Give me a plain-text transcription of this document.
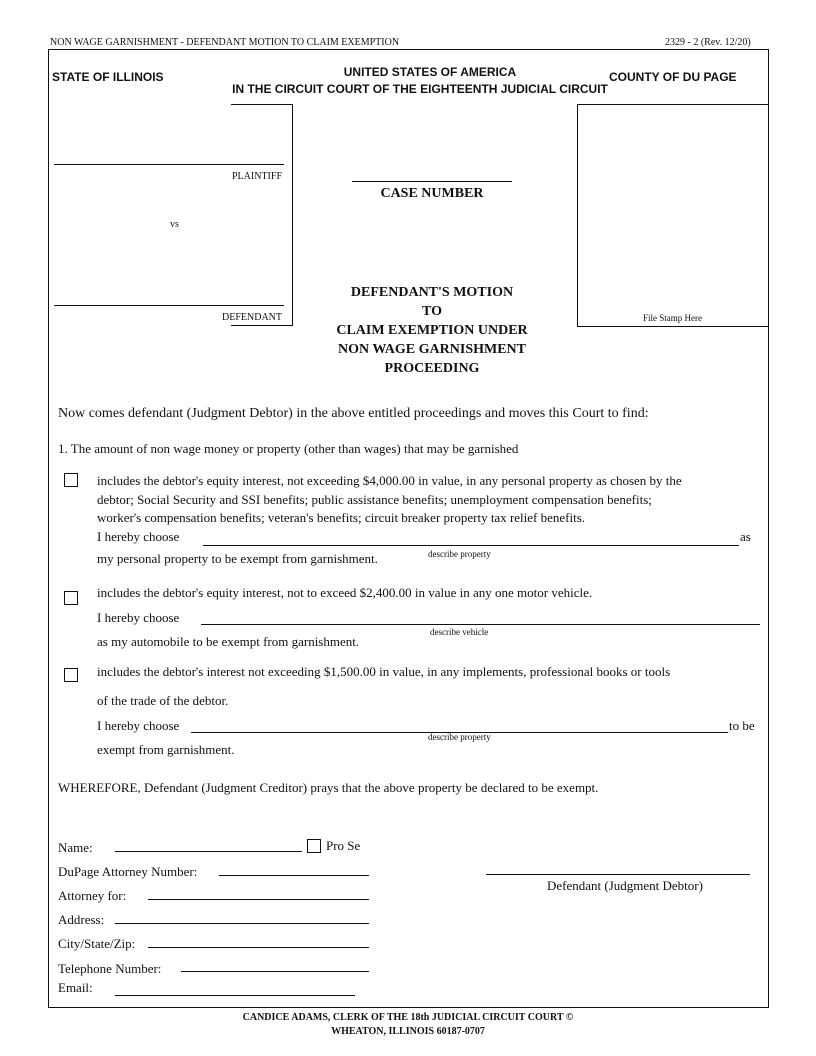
NON WAGE GARNISHMENT - DEFENDANT MOTION TO CLAIM EXEMPTION	2329 - 2 (Rev. 12/20)
STATE OF ILLINOIS	UNITED STATES OF AMERICA
IN THE CIRCUIT COURT OF THE EIGHTEENTH JUDICIAL CIRCUIT
COUNTY OF DU PAGE
PLAINTIFF
vs
DEFENDANT
CASE NUMBER
File Stamp Here
DEFENDANT'S MOTION
TO
CLAIM EXEMPTION UNDER
NON WAGE GARNISHMENT
PROCEEDING
Now comes defendant (Judgment Debtor) in the above entitled proceedings and moves this Court to find:
1. The amount of non wage money or property (other than wages) that may be garnished
includes the debtor's equity interest, not exceeding $4,000.00 in value, in any personal property as chosen by the
debtor; Social Security and SSI benefits; public assistance benefits; unemployment compensation benefits;
worker's compensation benefits; veteran's benefits; circuit breaker property tax relief benefits.
I hereby choose	as
my personal property to be exempt from garnishment.	describe property
includes the debtor's equity interest, not to exceed $2,400.00 in value in any one motor vehicle.
I hereby choose
describe vehicle
as my automobile to be exempt from garnishment.
includes the debtor's interest not exceeding $1,500.00 in value, in any implements, professional books or tools
of the trade of the debtor.
I hereby choose	to be
describe property
exempt from garnishment.
WHEREFORE, Defendant (Judgment Creditor) prays that the above property be declared to be exempt.
Name:	Pro Se
DuPage Attorney Number:
Attorney for:
Address:
City/State/Zip:
Telephone Number:
Email:
Defendant (Judgment Debtor)
CANDICE ADAMS, CLERK OF THE 18th JUDICIAL CIRCUIT COURT ©
WHEATON, ILLINOIS 60187-0707
